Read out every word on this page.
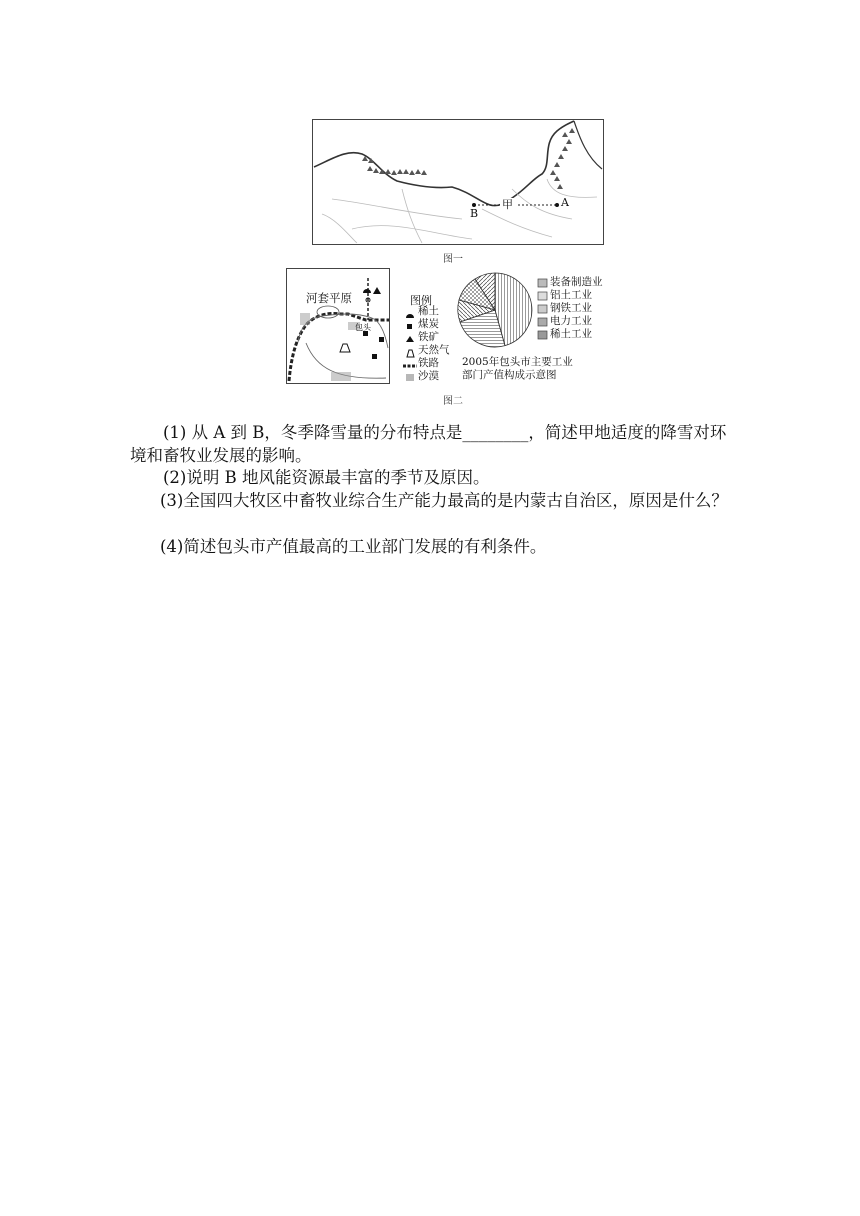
甲	A
B
图一
河套平原
包头
图例
稀土
煤炭
铁矿
天然气
铁路
沙漠
装备制造业
铝土工业
钢铁工业
电力工业
稀土工业
2005年包头市主要工业
部门产值构成示意图
图二
(1) 从 A 到 B，冬季降雪量的分布特点是________，简述甲地适度的降雪对环境和畜牧业发展的影响。
(2)说明 B 地风能资源最丰富的季节及原因。
(3)全国四大牧区中畜牧业综合生产能力最高的是内蒙古自治区，原因是什么？
(4)简述包头市产值最高的工业部门发展的有利条件。
